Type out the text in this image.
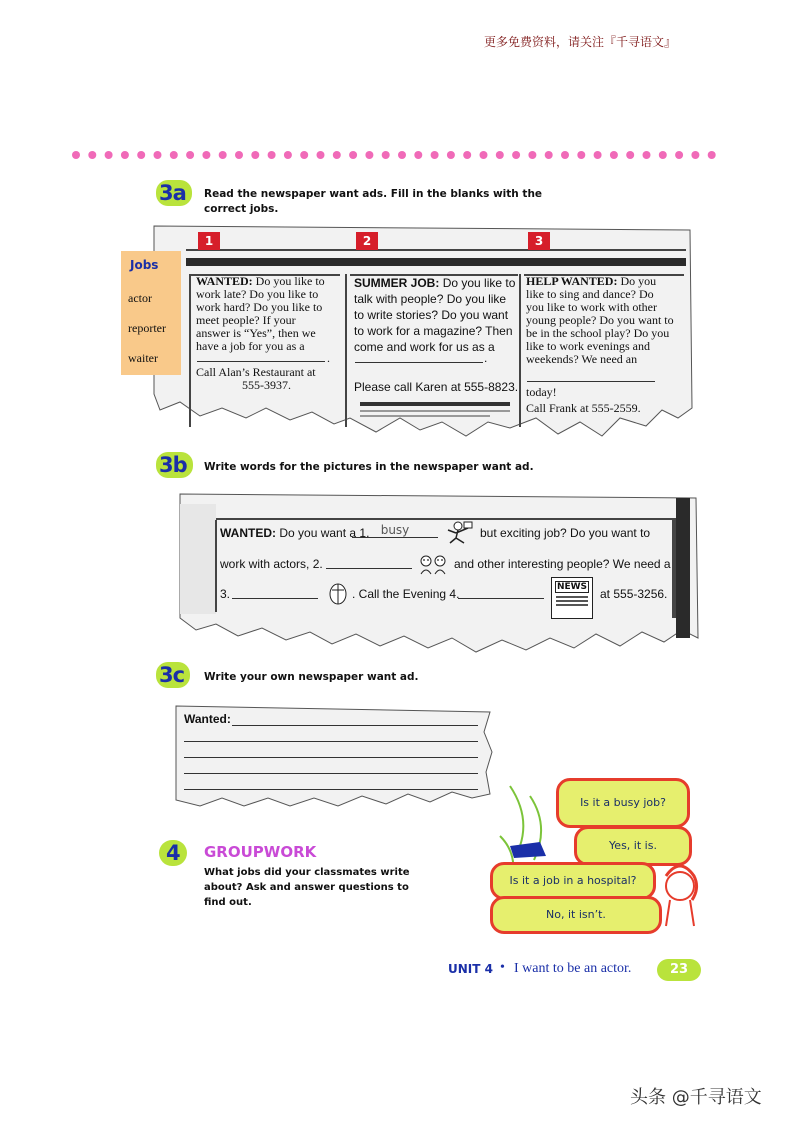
更多免费资料，请关注『千寻语文』
3a	Read the newspaper want ads. Fill in the blanks with the
correct jobs.
1	2	3
Jobs
actor
reporter
waiter
WANTED: Do you like to
work late? Do you like to
work hard? Do you like to
meet people? If your
answer is “Yes”, then we
have a job for you as a
.
Call Alan’s Restaurant at
555-3937.
SUMMER JOB: Do you like to
talk with people? Do you like
to write stories? Do you want
to work for a magazine? Then
come and work for us as a
.
Please call Karen at 555-8823.
HELP WANTED: Do you
like to sing and dance? Do
you like to work with other
young people? Do you want to
be in the school play? Do you
like to work evenings and
weekends? We need an
today!
Call Frank at 555-2559.
3b	Write words for the pictures in the newspaper want ad.
WANTED: Do you want a 1. busy	but exciting job? Do you want to
work with actors, 2.	and other interesting people? We need a
3.	. Call the Evening 4.	NEWS at 555-3256.
3c	Write your own newspaper want ad.
Wanted:
4	GROUPWORK
What jobs did your classmates write
about? Ask and answer questions to
find out.
Is it a busy job?
Yes, it is.
Is it a job in a hospital?
No, it isn’t.
UNIT 4 • I want to be an actor.	23
头条 @千寻语文
